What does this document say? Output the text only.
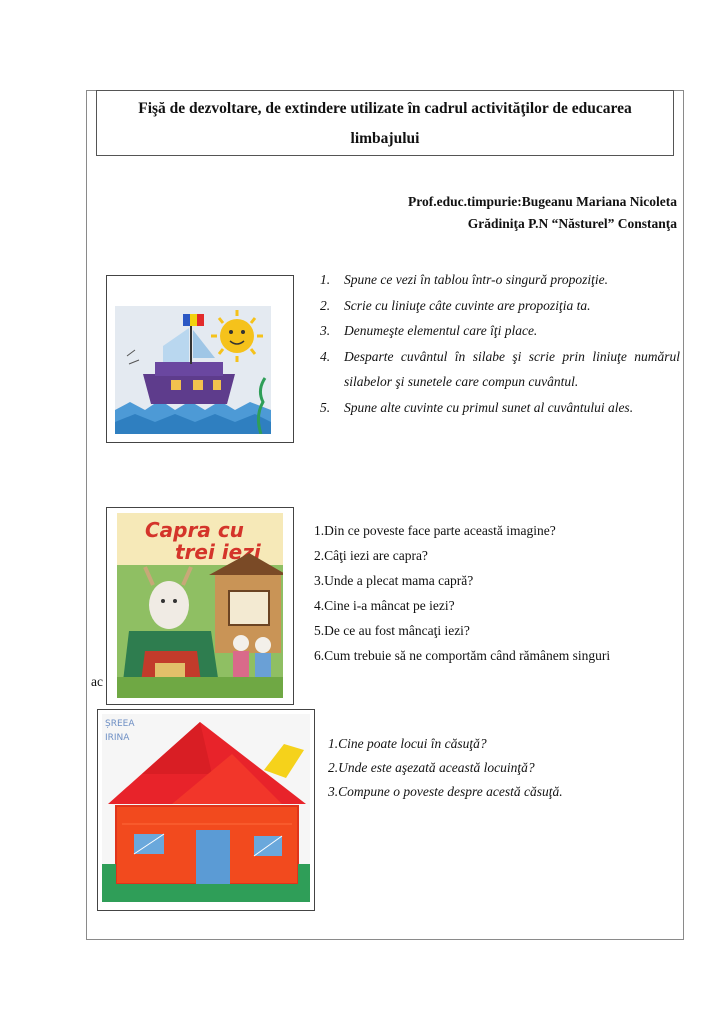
Fişă de dezvoltare, de extindere utilizate în cadrul activităţilor de educarea
limbajului
Prof.educ.timpurie:Bugeanu Mariana Nicoleta
Grădiniţa P.N “Năsturel” Constanţa
1. Spune ce vezi în tablou într-o singură propoziţie.
2. Scrie cu liniuţe câte cuvinte are propoziţia ta.
3. Denumeşte elementul care îţi place.
4. Desparte cuvântul în silabe şi scrie prin liniuţe numărul silabelor şi sunetele care compun cuvântul.
5. Spune alte cuvinte cu primul sunet al cuvântului ales.
Capra cu
trei iezi
1.Din ce poveste face parte această imagine?
2.Câţi iezi are capra?
3.Unde a plecat mama capră?
4.Cine i-a mâncat pe iezi?
5.De ce au fost mâncaţi iezi?
6.Cum trebuie să ne comportăm când rămânem singuri
ac
ȘREEA
IRINA	1.Cine poate locui în căsuţă?
2.Unde este aşezată această locuinţă?
3.Compune o poveste despre acestă căsuţă.
